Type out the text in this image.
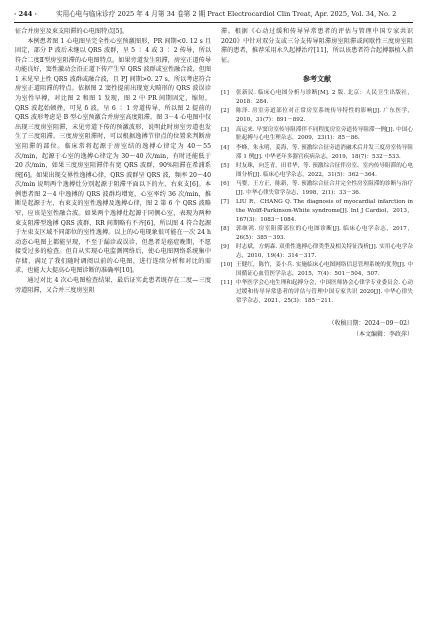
· 244 ·	实用心电与临床诊疗 2025 年 4 月第 34 卷第 2 期 Pract Electrocardiol Clin Treat, Apr. 2025, Vol. 34, No. 2

征合并房室及束支阻滞的心电图特点[5]。

本例患者图 1 心电图呈完全性心室预激图形，PR 间期<0. 12 s 且固定，部分 P 波后未继以 QRS 波群，呈 5 ∶ 4 或 3 ∶ 2 传导，所以符合二度Ⅱ型房室阻滞的心电图特点。如果旁道发生阻滞，房室正道传导功能良好，窦性激动会沿正道下传产生窄 QRS 波群或室性融合波，但图 1 未见窄上性 QRS 波群或融合波，且 PJ 间期>0. 27 s，所以考虑符合房室正道阻滞的特点。依据图 2 窦性提前出现宽大畸形的 QRS 波误诊为室性早搏，对比图 2 和图 1 发现，图 2 中 PR 间期固定，缩短，QRS 波起始顿挫，可见 δ 波，呈 6 ∶ 1 旁道传导，所以图 2 提前的 QRS 波形考虑是 B 型心室预激合并房室高度阻滞。图 3－4 心电图中仅出现三度房室阻滞，未见旁道下传的预激波形，说明此时房室旁道也发生了三度阻滞。三度房室阻滞时，可以根据逸搏节律点的位置来判断房室阻滞的部位。临床常将起源于房室结的逸搏心律定为 40～55 次/min，起源于心室的逸搏心律定为 30～40 次/min，有时还能低于 20 次/min，如果三度房室阻滞伴有宽 QRS 波群，90%阻滞在希浦系统[6]。如果出现交界性逸搏心律，QRS 波群呈 QRS 波，频率 20～40 次/min 说明两个逸搏灶分别起源于阻滞平面以下的左、右束支[6]。本例患者图 2－4 中逸搏的 QRS 波群均增宽，心室率约 36 次/min，推断是起源于左、右束支的室性逸搏及逸搏心律，图 2 第 6 个 QRS 波略窄，应该是室性融合波。如果两个逸搏灶起源于同侧心室，表现为两种束支阻滞型逸搏 QRS 波群，RR 间期略有不齐[6]，所以图 4 符合起源于左束支区域不同部位的室性逸搏。以上的心电现象很可能在一次 24 h 动态心电图上都能呈现，不至于漏诊或误诊，但患者是癌症晚期，不愿接受过多的检查。但自从实现心电监测网络后，使心电图网络系统集中存储，满足了我们随时调阅以前的心电图，进行连续分析和对比的需求，也能大大提高心电图诊断的准确率[10]。

通过对比 4 次心电图检查结果，最后证实此患者既存在二度—三度旁道阻滞，又合并三度房室阻

滞。根据《心动过缓和传导异常患者的评估与管理中国专家共识 2020》中针对双分支或三分支传导阻滞房室阻滞或间歇性三度房室阻滞的患者，推荐采用永久起搏治疗[11]，所以该患者符合起搏器植入指征。

参考文献
[1]	张新民. 临床心电图分析与诊断[M]. 2 版. 北京：人民卫生出版社，2018：284.
[2]	陈泽. 房室旁道部位对正常房室系统传导特性的影响[J]. 广东医学，2010，31(7)：891－892.
[3]	高运来. 旱窦房室传导阻滞伴不同程度房室旁道传导阻滞一例[J]. 中国心脏起搏与心电生理杂志，2009，23(1)：85－86.
[4]	李峰，朱永明，姜海，等. 预激综合征旁道消融术后并发三度房室传导阻滞 1 例[J]. 中华老年多器官疾病杂志，2019，18(7)：532－533.
[5]	时友珠，向芝青，田君华，等. 预激综合征伴房室、室内传导阻滞的心电图分析[J]. 临床心电学杂志，2022，31(5)：362－364.
[6]	马婴，王方正，陈新，等. 预激综合征合并完全性房室阻滞的诊断与治疗[J]. 中华心律失常学杂志，1998，2(1)：33－36.
[7]	LIU R，CHANG Q. The diagnosis of myocardial infarction in the Wolff-Parkinson-White syndrome[J]. Int J Cardiol，2013，167(3)：1083－1084.
[8]	郭继鸿. 房室阻滞部位的心电图诊断[J]. 临床心电学杂志，2017，26(5)：385－393.
[9]	时志斌，方炳森. 双重性逸搏心律类型及相关特征浅析[J]. 实用心电学杂志，2010，19(4)：314－317.
[10] 王健红，陈竹，姜小兵. 实施临床心电图网络信息管理系统的优势[J]. 中国循证心血管医学杂志，2015，7(4)：501－504，507.
[11] 中华医学会心电生理和起搏分会，中国医师协会心律学专业委员会. 心动过缓和传导异常患者的评估与管理中国专家共识 2020[J]. 中华心律失常学杂志，2021，25(3)：185－211.
（收稿日期：2024－09－02）
（本文编辑：李政萍）
